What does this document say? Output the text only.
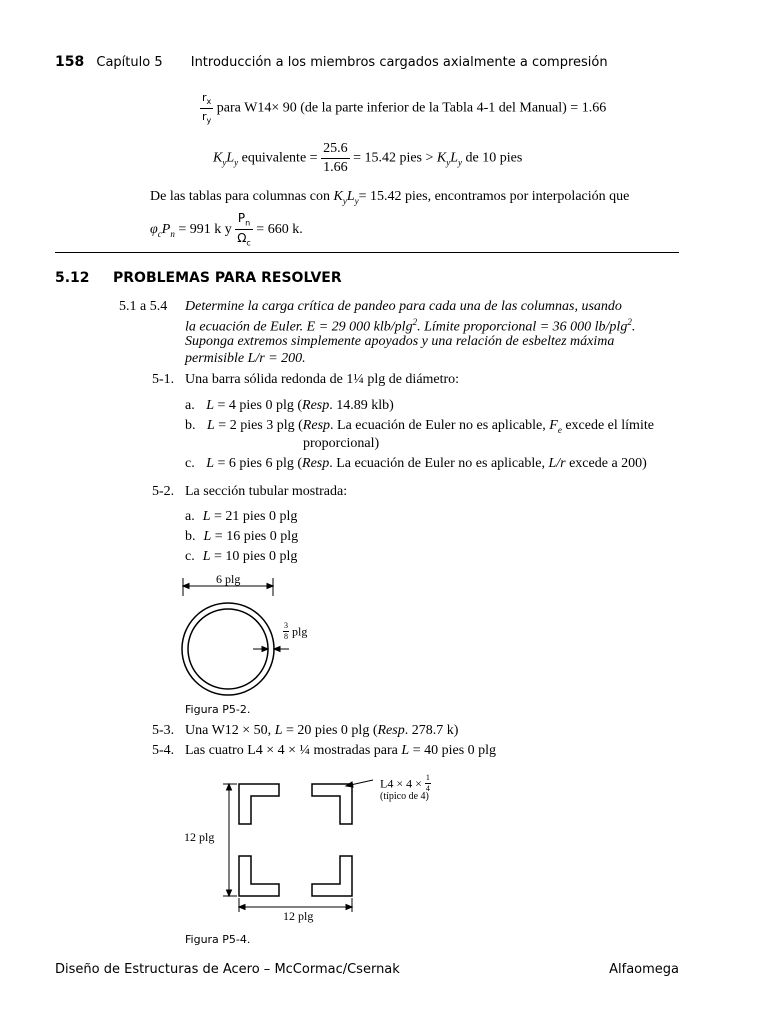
158 Capítulo 5 Introducción a los miembros cargados axialmente a compresión
$\frac{r_x}{r_y}$ para W14× 90 (de la parte inferior de la Tabla 4-1 del Manual) = 1.66
$K_yL_y$ equivalente = $\frac{25.6}{1.66} = 15.42$ pies > $K_yL_y$ de 10 pies
De las tablas para columnas con $K_yL_y= 15.42$ pies, encontramos por interpolación que
$\varphi_cP_n = 991$ k y $\frac{P_n}{\Omega_c} = 660$ k.
5.12 PROBLEMAS PARA RESOLVER
5.1 a 5.4 Determine la carga crítica de pandeo para cada una de las columnas, usando
la ecuación de Euler. E = 29 000 klb/plg$^2$. Límite proporcional = 36 000 lb/plg$^2$.
Suponga extremos simplemente apoyados y una relación de esbeltez máxima
permisible L/r = 200.
5-1. Una barra sólida redonda de 1¼ plg de diámetro:
a. L = 4 pies 0 plg (Resp. 14.89 klb)
b. L = 2 pies 3 plg (Resp. La ecuación de Euler no es aplicable, $F_e$ excede el límite
proporcional)
c. L = 6 pies 6 plg (Resp. La ecuación de Euler no es aplicable, L/r excede a 200)
5-2. La sección tubular mostrada:
a. L = 21 pies 0 plg
b. L = 16 pies 0 plg
c. L = 10 pies 0 plg
6 plg
$\frac{3}{8}$ plg
Figura P5-2.
5-3. Una W12 × 50, L = 20 pies 0 plg (Resp. 278.7 k)
5-4. Las cuatro L4 × 4 × ¼ mostradas para L = 40 pies 0 plg
$L4 \times 4 \times \frac{1}{4}$
(típico de 4)
12 plg
12 plg
Figura P5-4.
Diseño de Estructuras de Acero – McCormac/Csernak	Alfaomega
